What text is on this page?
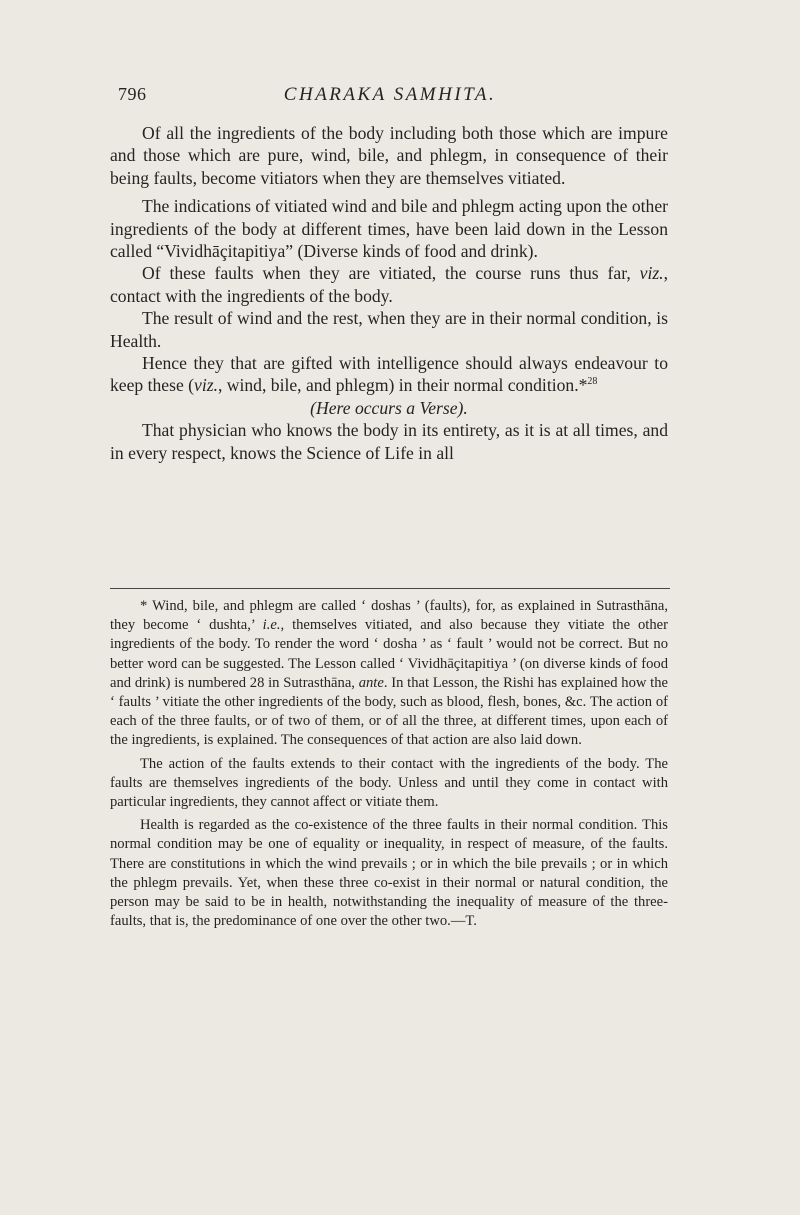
796	CHARAKA SAMHITA.

Of all the ingredients of the body including both those which are impure and those which are pure, wind, bile, and phlegm, in consequence of their being faults, become vitiators when they are themselves vitiated.

The indications of vitiated wind and bile and phlegm acting upon the other ingredients of the body at different times, have been laid down in the Lesson called “Vividhāçitapitiya” (Diverse kinds of food and drink).

Of these faults when they are vitiated, the course runs thus far, viz., contact with the ingredients of the body.

The result of wind and the rest, when they are in their normal condition, is Health.

Hence they that are gifted with intelligence should always endeavour to keep these (viz., wind, bile, and phlegm) in their normal condition.*$^{28}$

(Here occurs a Verse).

That physician who knows the body in its entirety, as it is at all times, and in every respect, knows the Science of Life in all

* Wind, bile, and phlegm are called ‘ doshas ’ (faults), for, as explained in Sutrasthāna, they become ‘ dushta,’ i.e., themselves vitiated, and also because they vitiate the other ingredients of the body. To render the word ‘ dosha ’ as ‘ fault ’ would not be correct. But no better word can be suggested. The Lesson called ‘ Vividhāçitapitiya ’ (on diverse kinds of food and drink) is numbered 28 in Sutrasthāna, ante. In that Lesson, the Rishi has explained how the ‘ faults ’ vitiate the other ingredients of the body, such as blood, flesh, bones, &c. The action of each of the three faults, or of two of them, or of all the three, at different times, upon each of the ingredients, is explained. The consequences of that action are also laid down.

The action of the faults extends to their contact with the ingredients of the body. The faults are themselves ingredients of the body. Unless and until they come in contact with particular ingredients, they cannot affect or vitiate them.

Health is regarded as the co-existence of the three faults in their normal condition. This normal condition may be one of equality or inequality, in respect of measure, of the faults. There are constitutions in which the wind prevails ; or in which the bile prevails ; or in which the phlegm prevails. Yet, when these three co-exist in their normal or natural condition, the person may be said to be in health, notwithstanding the inequality of measure of the three-faults, that is, the predominance of one over the other two.—T.
